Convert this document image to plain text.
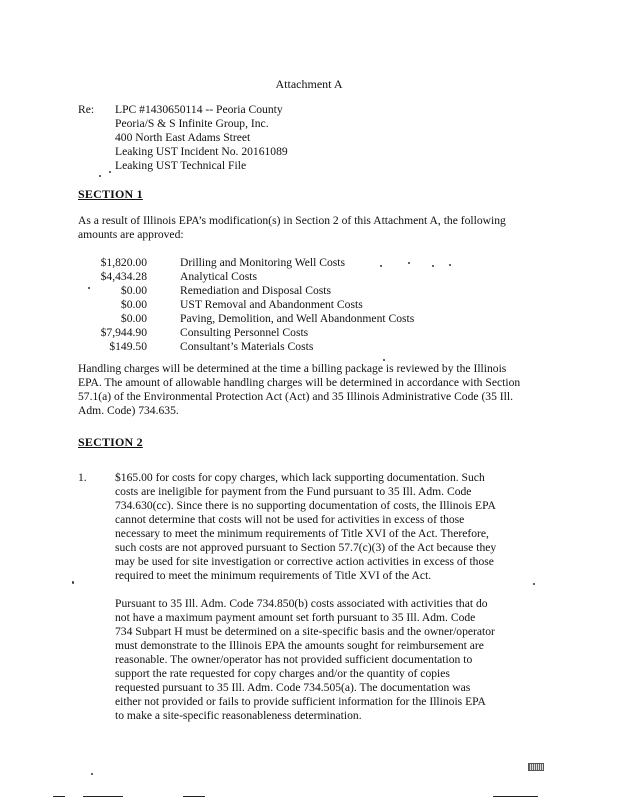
Attachment A
Re: LPC #1430650114 -- Peoria County
Peoria/S & S Infinite Group, Inc.
400 North East Adams Street
Leaking UST Incident No. 20161089
Leaking UST Technical File
SECTION 1
As a result of Illinois EPA’s modification(s) in Section 2 of this Attachment A, the following
amounts are approved:
$1,820.00	Drilling and Monitoring Well Costs
$4,434.28	Analytical Costs
$0.00	Remediation and Disposal Costs
$0.00	UST Removal and Abandonment Costs
$0.00	Paving, Demolition, and Well Abandonment Costs
$7,944.90	Consulting Personnel Costs
$149.50	Consultant’s Materials Costs
Handling charges will be determined at the time a billing package is reviewed by the Illinois
EPA. The amount of allowable handling charges will be determined in accordance with Section
57.1(a) of the Environmental Protection Act (Act) and 35 Illinois Administrative Code (35 Ill.
Adm. Code) 734.635.
SECTION 2
1. $165.00 for costs for copy charges, which lack supporting documentation. Such
costs are ineligible for payment from the Fund pursuant to 35 Ill. Adm. Code
734.630(cc). Since there is no supporting documentation of costs, the Illinois EPA
cannot determine that costs will not be used for activities in excess of those
necessary to meet the minimum requirements of Title XVI of the Act. Therefore,
such costs are not approved pursuant to Section 57.7(c)(3) of the Act because they
may be used for site investigation or corrective action activities in excess of those
required to meet the minimum requirements of Title XVI of the Act.
Pursuant to 35 Ill. Adm. Code 734.850(b) costs associated with activities that do
not have a maximum payment amount set forth pursuant to 35 Ill. Adm. Code
734 Subpart H must be determined on a site-specific basis and the owner/operator
must demonstrate to the Illinois EPA the amounts sought for reimbursement are
reasonable. The owner/operator has not provided sufficient documentation to
support the rate requested for copy charges and/or the quantity of copies
requested pursuant to 35 Ill. Adm. Code 734.505(a). The documentation was
either not provided or fails to provide sufficient information for the Illinois EPA
to make a site-specific reasonableness determination.
